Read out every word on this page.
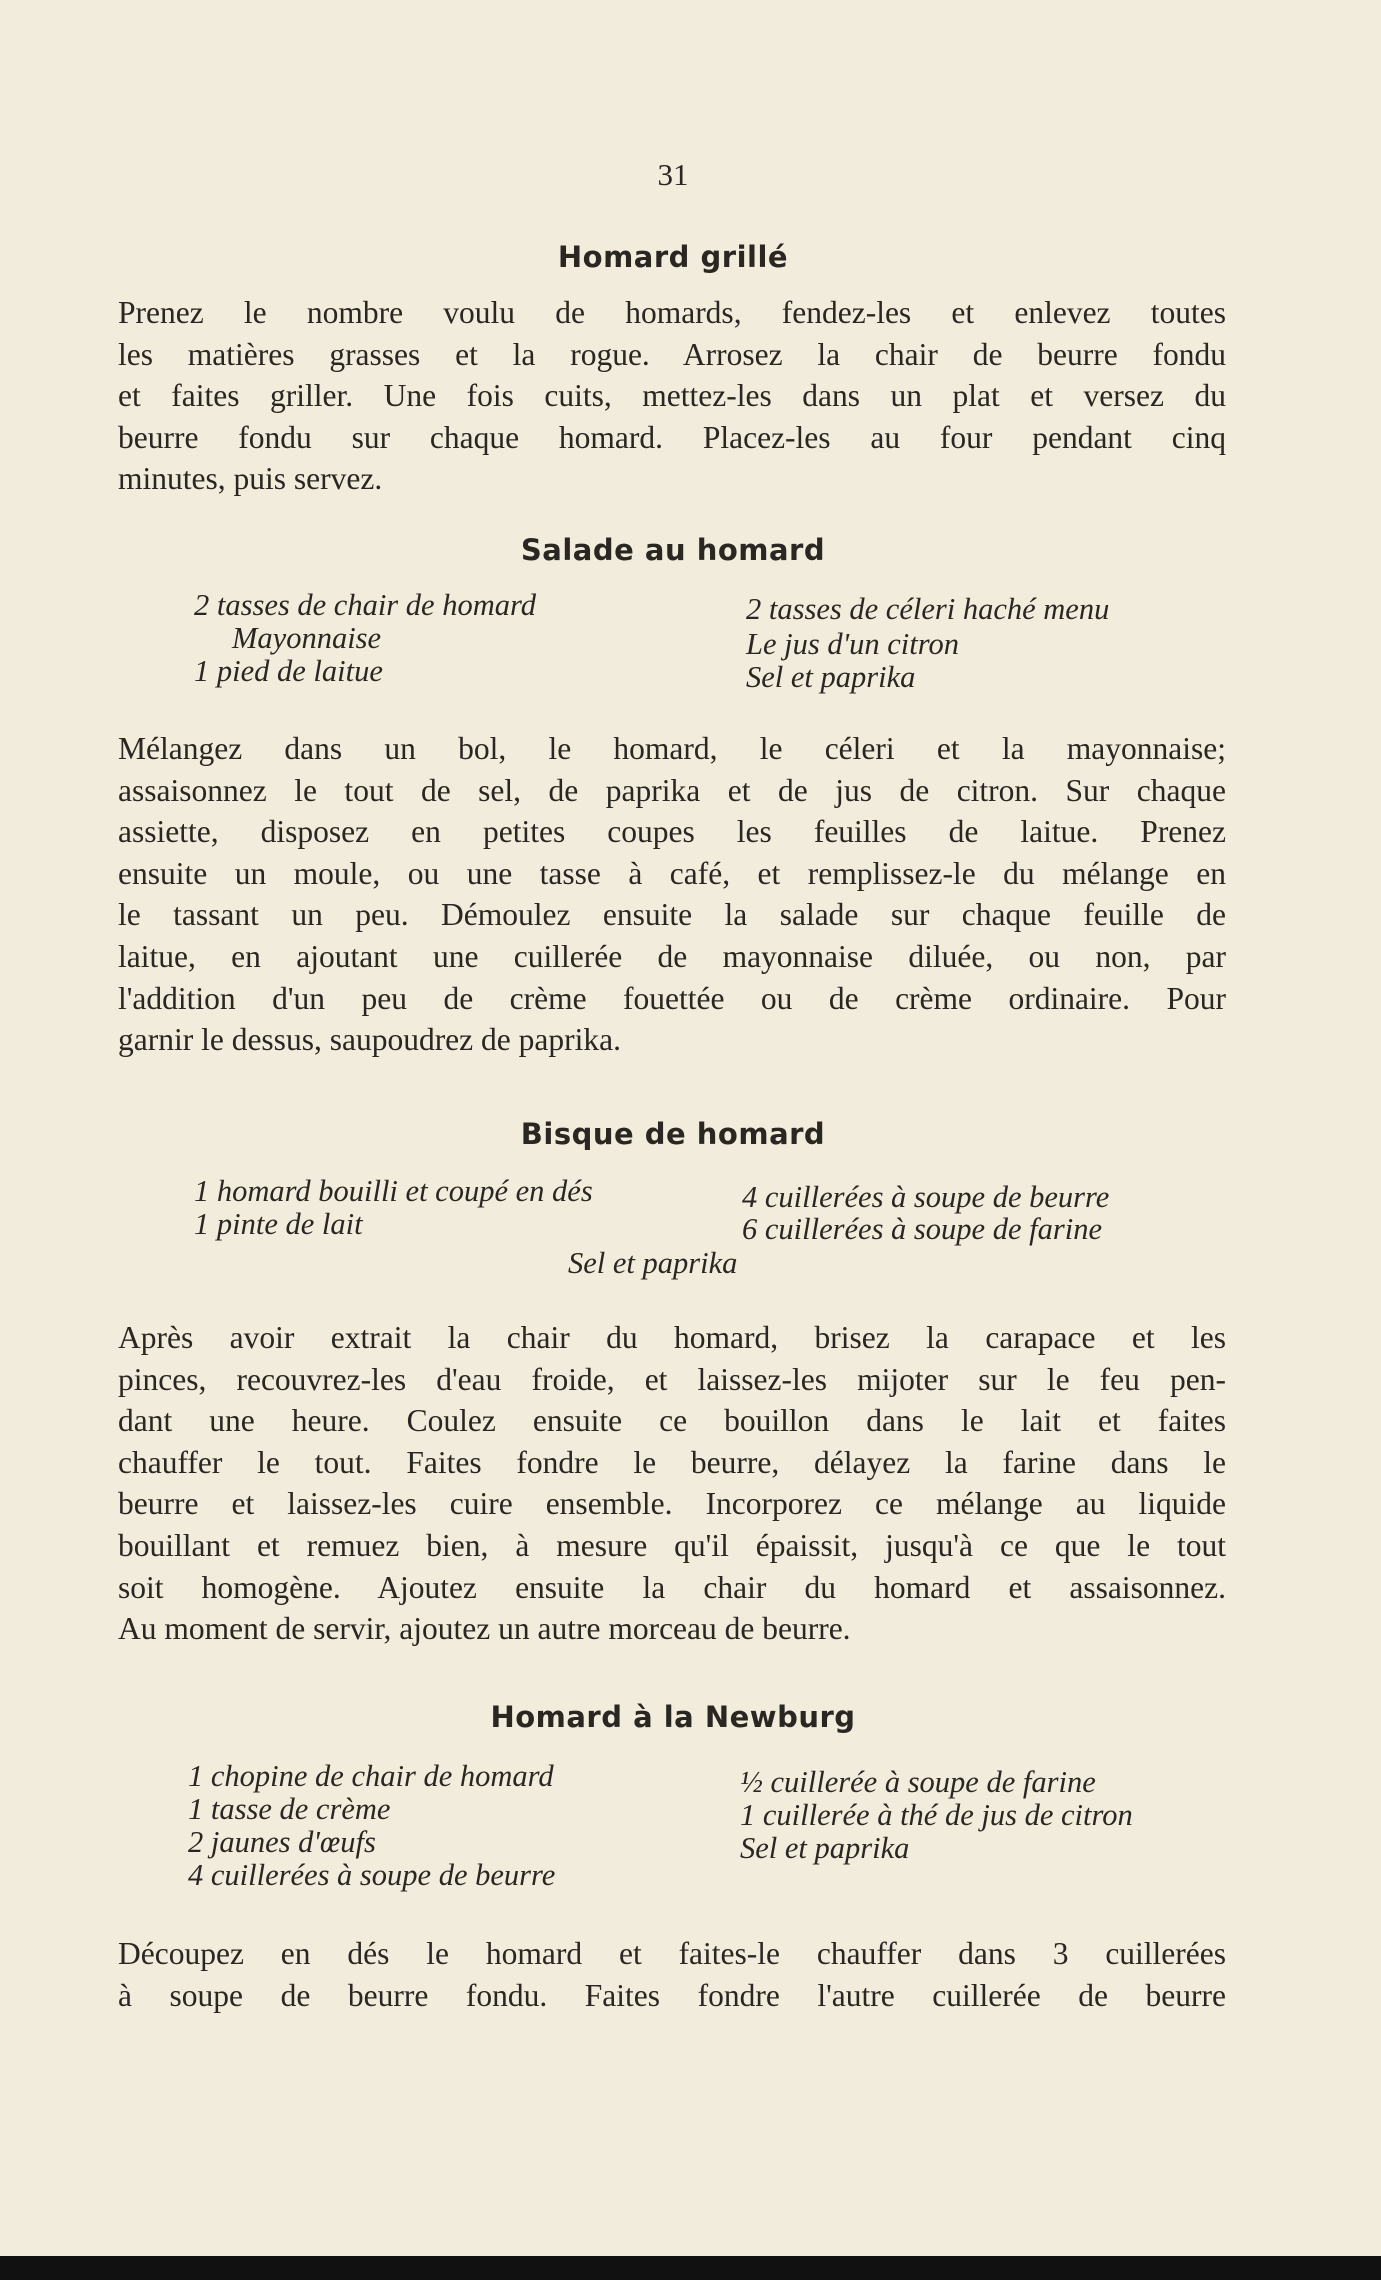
31
Homard grillé
Prenez le nombre voulu de homards, fendez-les et enlevez toutes
les matières grasses et la rogue. Arrosez la chair de beurre fondu
et faites griller. Une fois cuits, mettez-les dans un plat et versez du
beurre fondu sur chaque homard. Placez-les au four pendant cinq
minutes, puis servez.
Salade au homard
2 tasses de chair de homard
Mayonnaise
1 pied de laitue
2 tasses de céleri haché menu
Le jus d'un citron
Sel et paprika
Mélangez dans un bol, le homard, le céleri et la mayonnaise;
assaisonnez le tout de sel, de paprika et de jus de citron. Sur chaque
assiette, disposez en petites coupes les feuilles de laitue. Prenez
ensuite un moule, ou une tasse à café, et remplissez-le du mélange en
le tassant un peu. Démoulez ensuite la salade sur chaque feuille de
laitue, en ajoutant une cuillerée de mayonnaise diluée, ou non, par
l'addition d'un peu de crème fouettée ou de crème ordinaire. Pour
garnir le dessus, saupoudrez de paprika.
Bisque de homard
1 homard bouilli et coupé en dés
1 pinte de lait
4 cuillerées à soupe de beurre
6 cuillerées à soupe de farine
Sel et paprika
Après avoir extrait la chair du homard, brisez la carapace et les
pinces, recouvrez-les d'eau froide, et laissez-les mijoter sur le feu pen-
dant une heure. Coulez ensuite ce bouillon dans le lait et faites
chauffer le tout. Faites fondre le beurre, délayez la farine dans le
beurre et laissez-les cuire ensemble. Incorporez ce mélange au liquide
bouillant et remuez bien, à mesure qu'il épaissit, jusqu'à ce que le tout
soit homogène. Ajoutez ensuite la chair du homard et assaisonnez.
Au moment de servir, ajoutez un autre morceau de beurre.
Homard à la Newburg
1 chopine de chair de homard
1 tasse de crème
2 jaunes d'œufs
4 cuillerées à soupe de beurre
½ cuillerée à soupe de farine
1 cuillerée à thé de jus de citron
Sel et paprika
Découpez en dés le homard et faites-le chauffer dans 3 cuillerées
à soupe de beurre fondu. Faites fondre l'autre cuillerée de beurre
